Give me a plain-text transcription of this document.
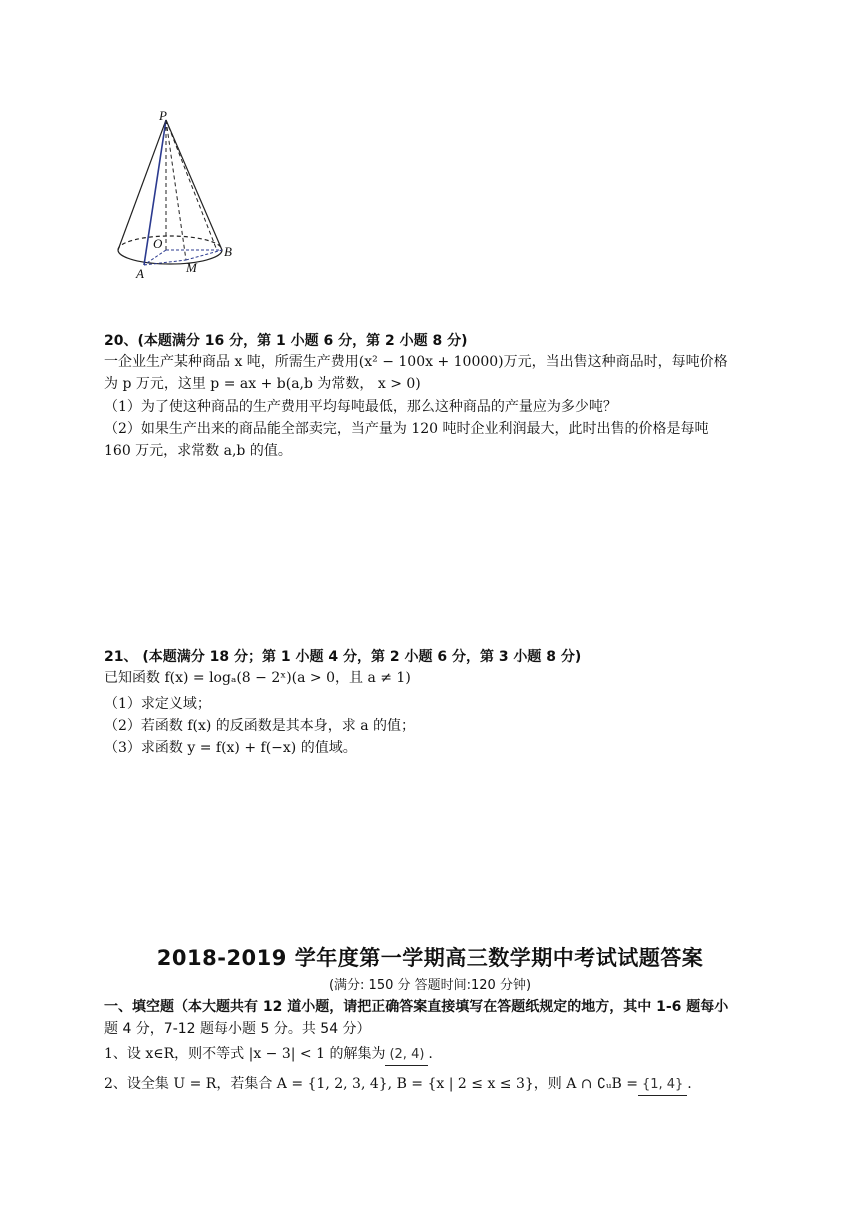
P
O
B
A	M
20、(本题满分 16 分，第 1 小题 6 分，第 2 小题 8 分)
一企业生产某种商品 x 吨，所需生产费用(x² − 100x + 10000)万元，当出售这种商品时，每吨价格
为 p 万元，这里 p = ax + b(a,b 为常数， x > 0)
（1）为了使这种商品的生产费用平均每吨最低，那么这种商品的产量应为多少吨？
（2）如果生产出来的商品能全部卖完，当产量为 120 吨时企业利润最大，此时出售的价格是每吨
160 万元，求常数 a,b 的值。
21、 (本题满分 18 分；第 1 小题 4 分，第 2 小题 6 分，第 3 小题 8 分)
已知函数 f(x) = logₐ(8 − 2ˣ)(a > 0，且 a ≠ 1)
（1）求定义域；
（2）若函数 f(x) 的反函数是其本身，求 a 的值；
（3）求函数 y = f(x) + f(−x) 的值域。
2018-2019 学年度第一学期高三数学期中考试试题答案
(满分: 150 分 答题时间:120 分钟)
一、填空题（本大题共有 12 道小题，请把正确答案直接填写在答题纸规定的地方，其中 1-6 题每小
题 4 分，7-12 题每小题 5 分。共 54 分）
1、设 x∈R，则不等式 |x − 3| < 1 的解集为 (2, 4) .
2、设全集 U = R，若集合 A = {1, 2, 3, 4}, B = {x | 2 ≤ x ≤ 3}，则 A ∩ ∁ᵤB = {1, 4} .
